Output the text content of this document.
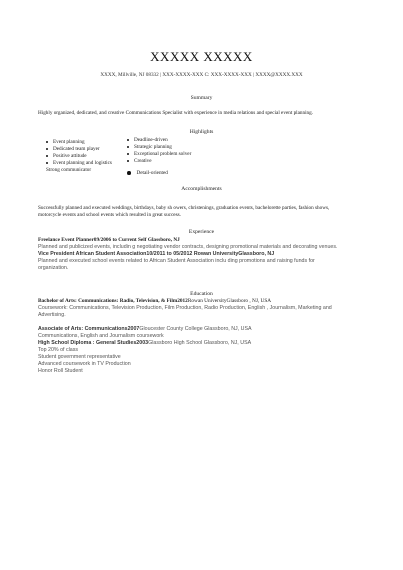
XXXXX XXXXX
XXXX, Millville, NJ 08332 | XXX-XXXX-XXX C: XXX-XXXX-XXX | XXXX@XXXX.XXX
Summary
Highly organized, dedicated, and creative Communications Specialist with experience in media relations and special event planning.
Highlights
Event planning
Dedicated team player
Positive attitude
Event planning and logistics
Strong communicator
Deadline-driven
Strategic planning
Exceptional problem solver
Creative
Detail-oriented
Accomplishments
Successfully planned and executed weddings, birthdays, baby sh owers, christenings, graduation events, bachelorette parties, fashion shows,
motorcycle events and school events which resulted in great success.
Experience
Freelance Event Planner09/2006 to Current Self Glassboro, NJ
Planned and publicized events, includin g negotiating vendor contracts, designing promotional materials and decorating venues.
Vice President African Student Association10/2011 to 05/2012 Rowan UniversityGlassboro, NJ
Planned and executed school events related to African Student Association inclu ding promotions and raising funds for
organization.
Education
Bachelor of Arts: Communications: Radio, Television, & Film2012Rowan UniversityGlassboro , NJ, USA
Coursework: Communications, Television Production, Film Production, Radio Production, English , Journalism, Marketing and
Advertising.
Associate of Arts: Communications2007Gloucester County College Glassboro, NJ, USA
Communications, English and Journalism coursework
High School Diploma : General Studies2003Glassboro High School Glassboro, NJ, USA
Top 20% of class
Student government representative
Advanced coursework in TV Production
Honor Roll Student
